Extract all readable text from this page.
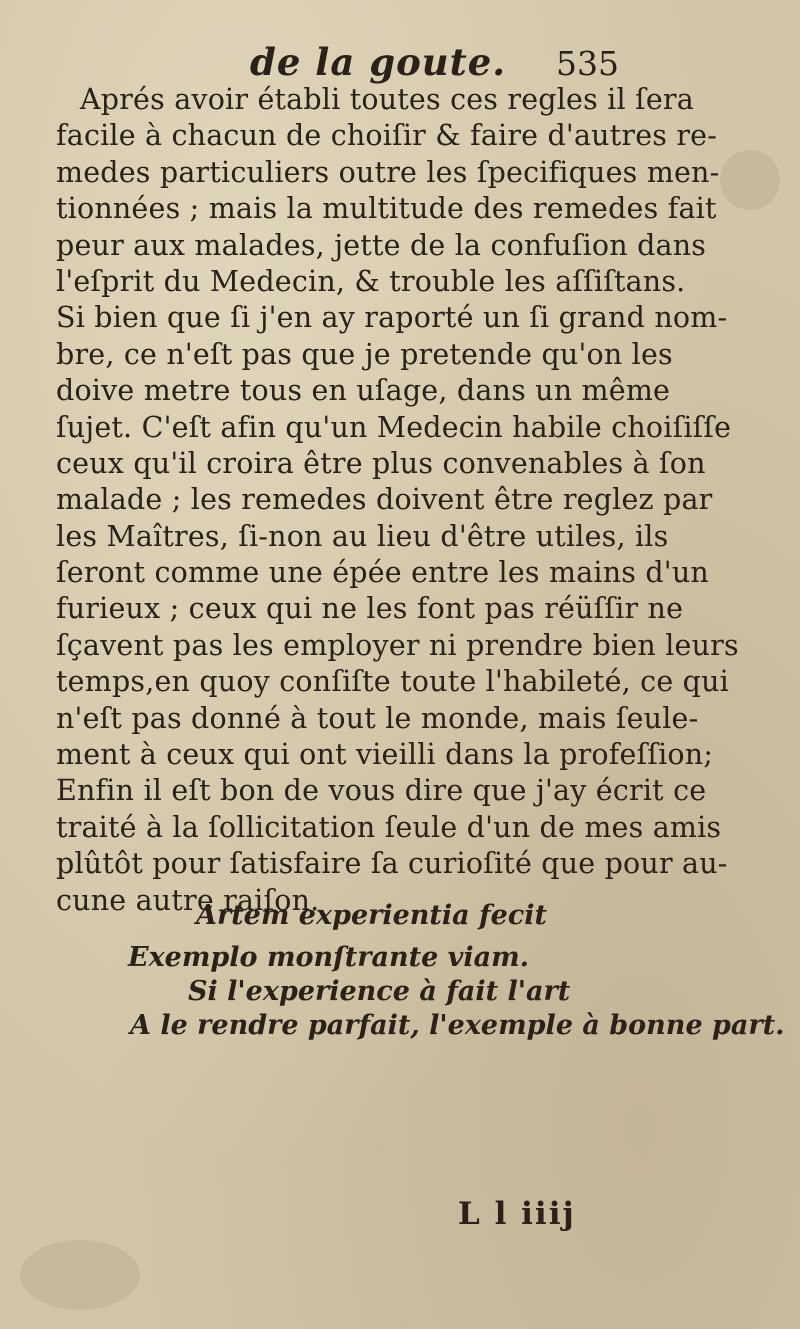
de la goute. 535
Aprés avoir établi toutes ces regles il ſera
facile à chacun de choiſir & faire d'autres re-
medes particuliers outre les ſpecifiques men-
tionnées ; mais la multitude des remedes fait
peur aux malades, jette de la confuſion dans
l'eſprit du Medecin, & trouble les aſſiſtans.
Si bien que ſi j'en ay raporté un ſi grand nom-
bre, ce n'eſt pas que je pretende qu'on les
doive metre tous en uſage, dans un même
ſujet. C'eſt afin qu'un Medecin habile choiſiſſe
ceux qu'il croira être plus convenables à ſon
malade ; les remedes doivent être reglez par
les Maîtres, ſi-non au lieu d'être utiles, ils
ſeront comme une épée entre les mains d'un
furieux ; ceux qui ne les font pas réüſſir ne
ſçavent pas les employer ni prendre bien leurs
temps,en quoy conſiſte toute l'habileté, ce qui
n'eſt pas donné à tout le monde, mais ſeule-
ment à ceux qui ont vieilli dans la profeſſion;
Enfin il eſt bon de vous dire que j'ay écrit ce
traité à la ſollicitation ſeule d'un de mes amis
plûtôt pour ſatisfaire ſa curioſité que pour au-
cune autre raiſon.
Artem experientia fecit
Exemplo monſtrante viam.
Si l'experience à fait l'art
A le rendre parfait, l'exemple à bonne part.
L l iiij
